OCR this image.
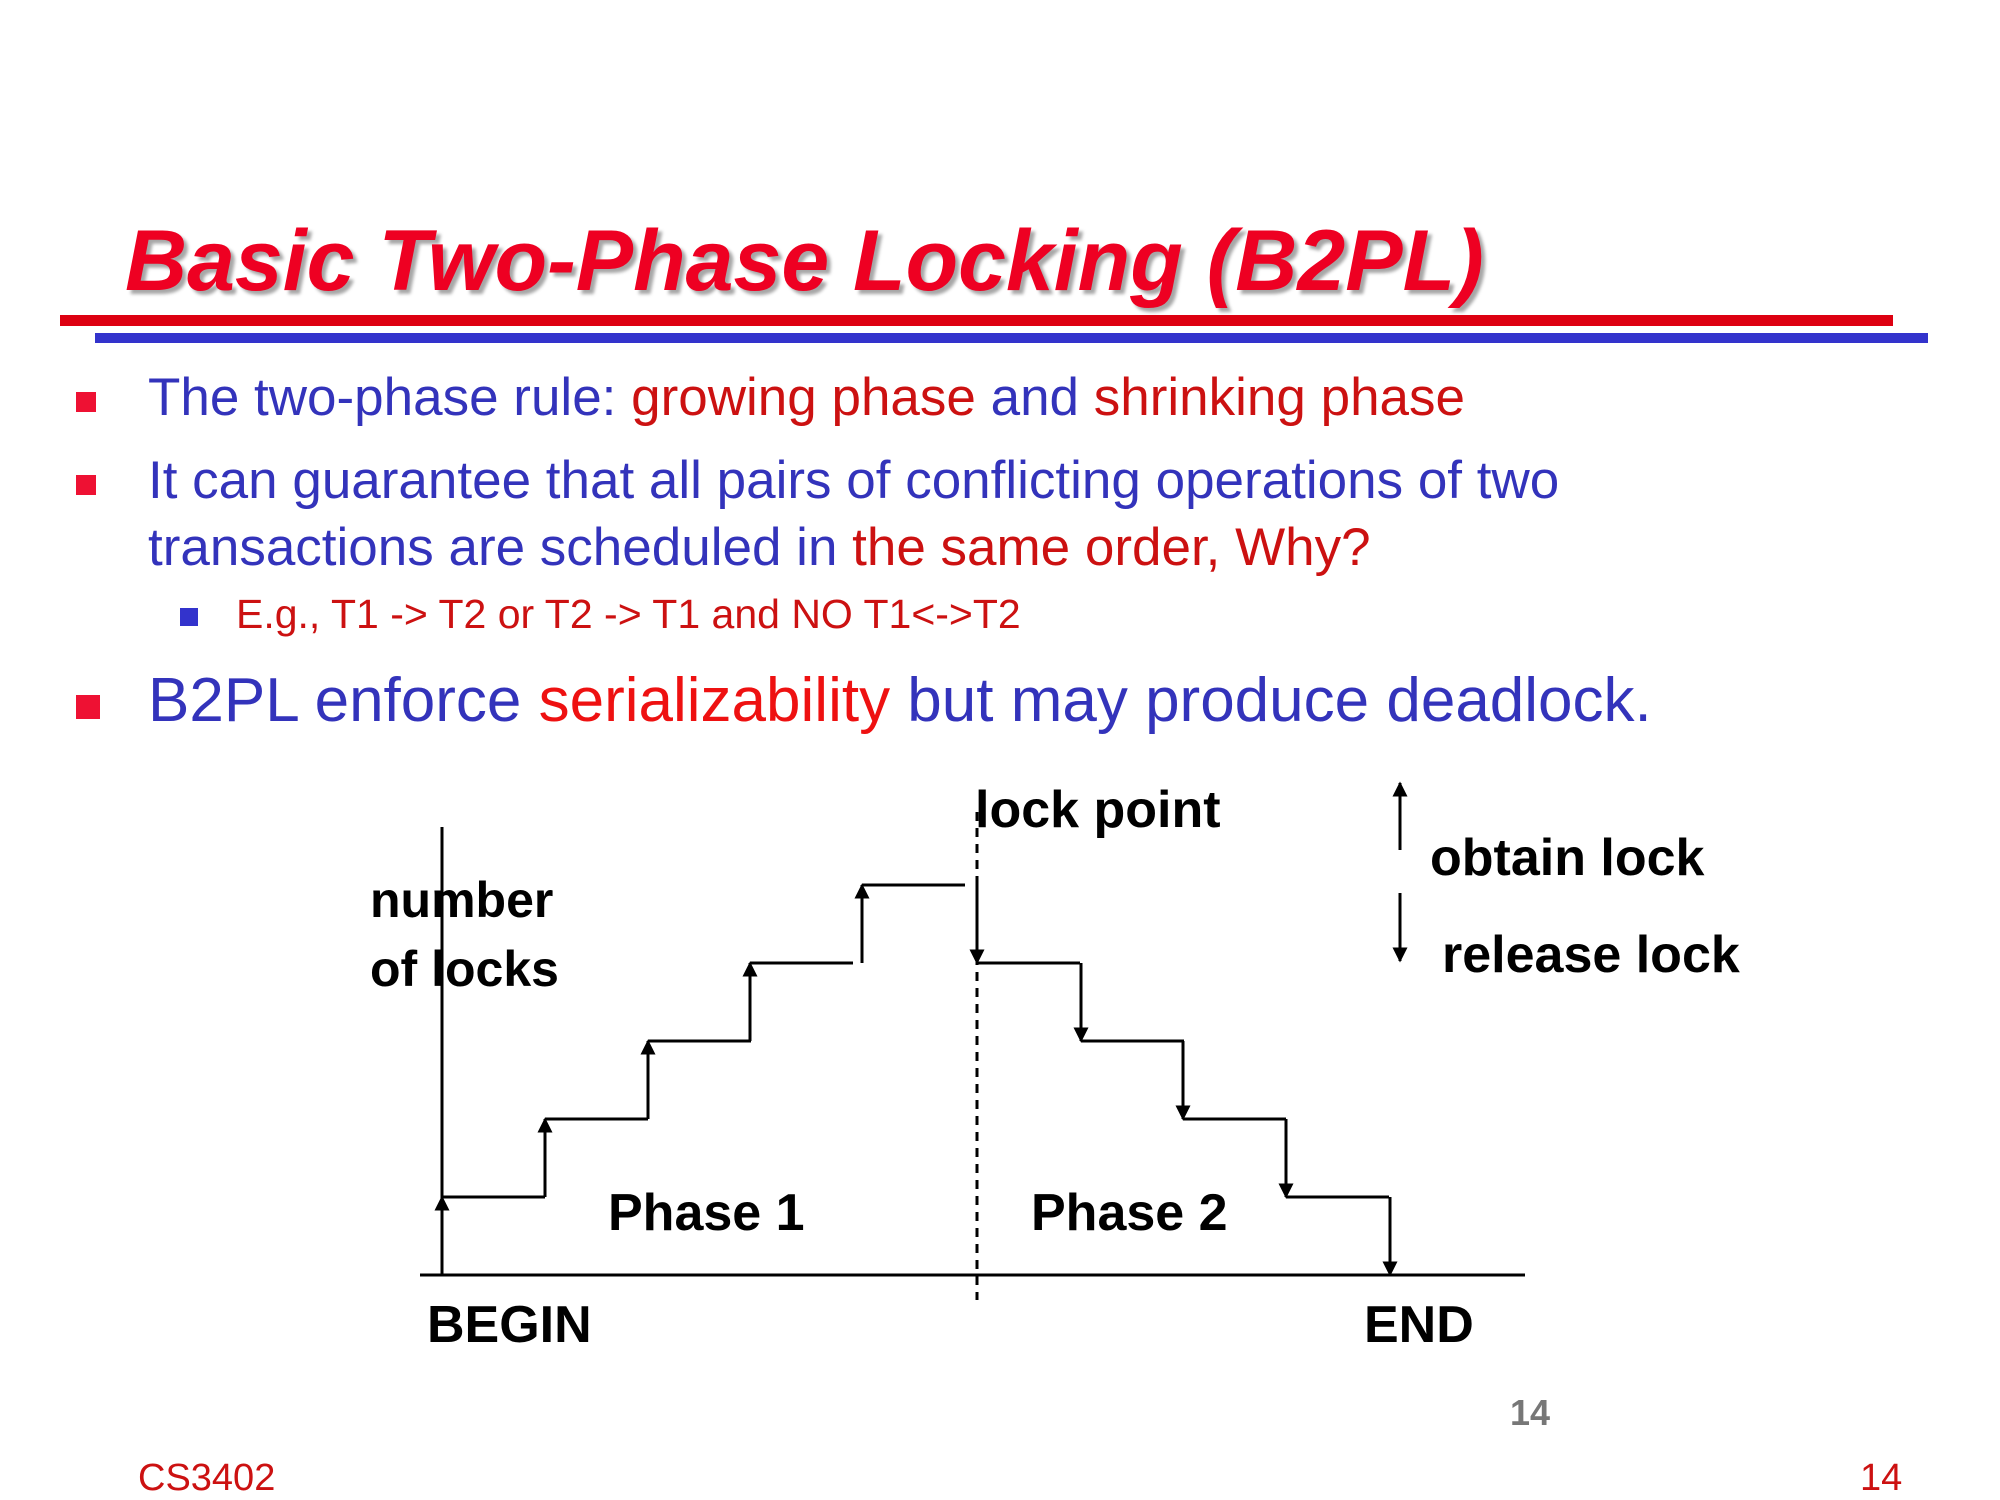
Basic Two-Phase Locking (B2PL)
The two-phase rule: growing phase and shrinking phase
It can guarantee that all pairs of conflicting operations of two
transactions are scheduled in the same order, Why?
E.g., T1 -> T2 or T2 -> T1 and NO T1<->T2
B2PL enforce serializability but may produce deadlock.
number
of locks
lock point
obtain lock
release lock
Phase 1	Phase 2
BEGIN	END
14
CS3402	14
